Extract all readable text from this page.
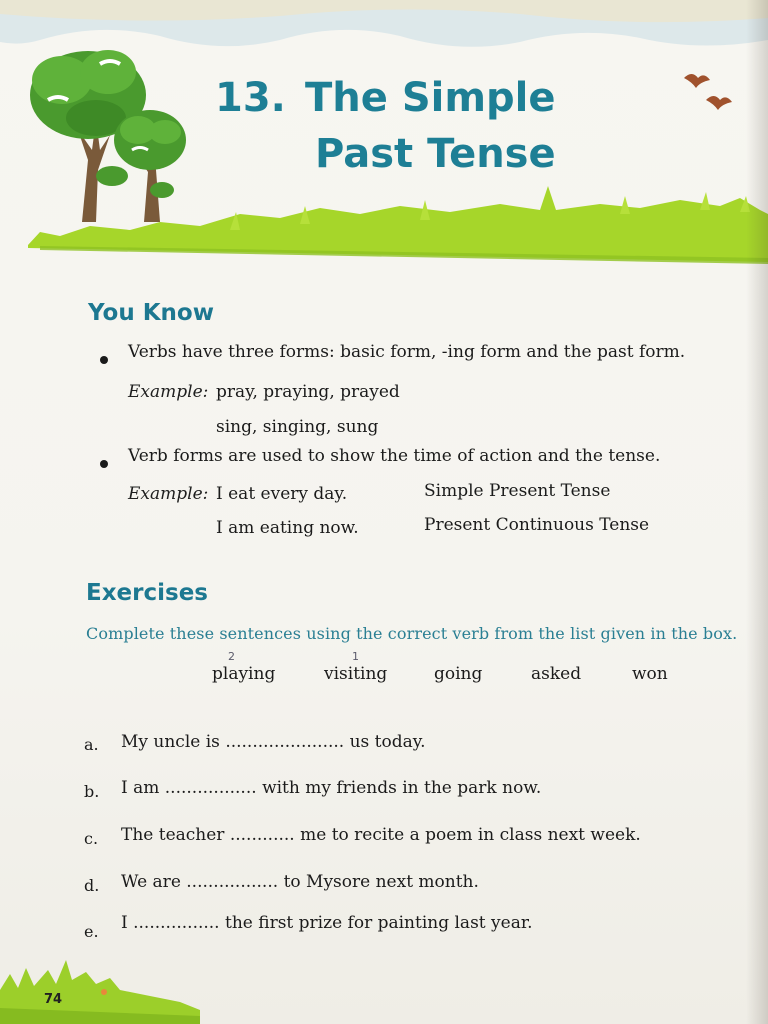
13. The Simple
Past Tense
You Know
Verbs have three forms: basic form, -ing form and the past form.
Example: pray, praying, prayed
sing, singing, sung
Verb forms are used to show the time of action and the tense.
Example: I eat every day.	Simple Present Tense
I am eating now.	Present Continuous Tense
Exercises
Complete these sentences using the correct verb from the list given in the box.
2	1
playing	visiting	going	asked	won
a. My uncle is ...................... us today.
b. I am ................. with my friends in the park now.
c. The teacher ............ me to recite a poem in class next week.
d. We are ................. to Mysore next month.
e. I ................ the first prize for painting last year.
74
